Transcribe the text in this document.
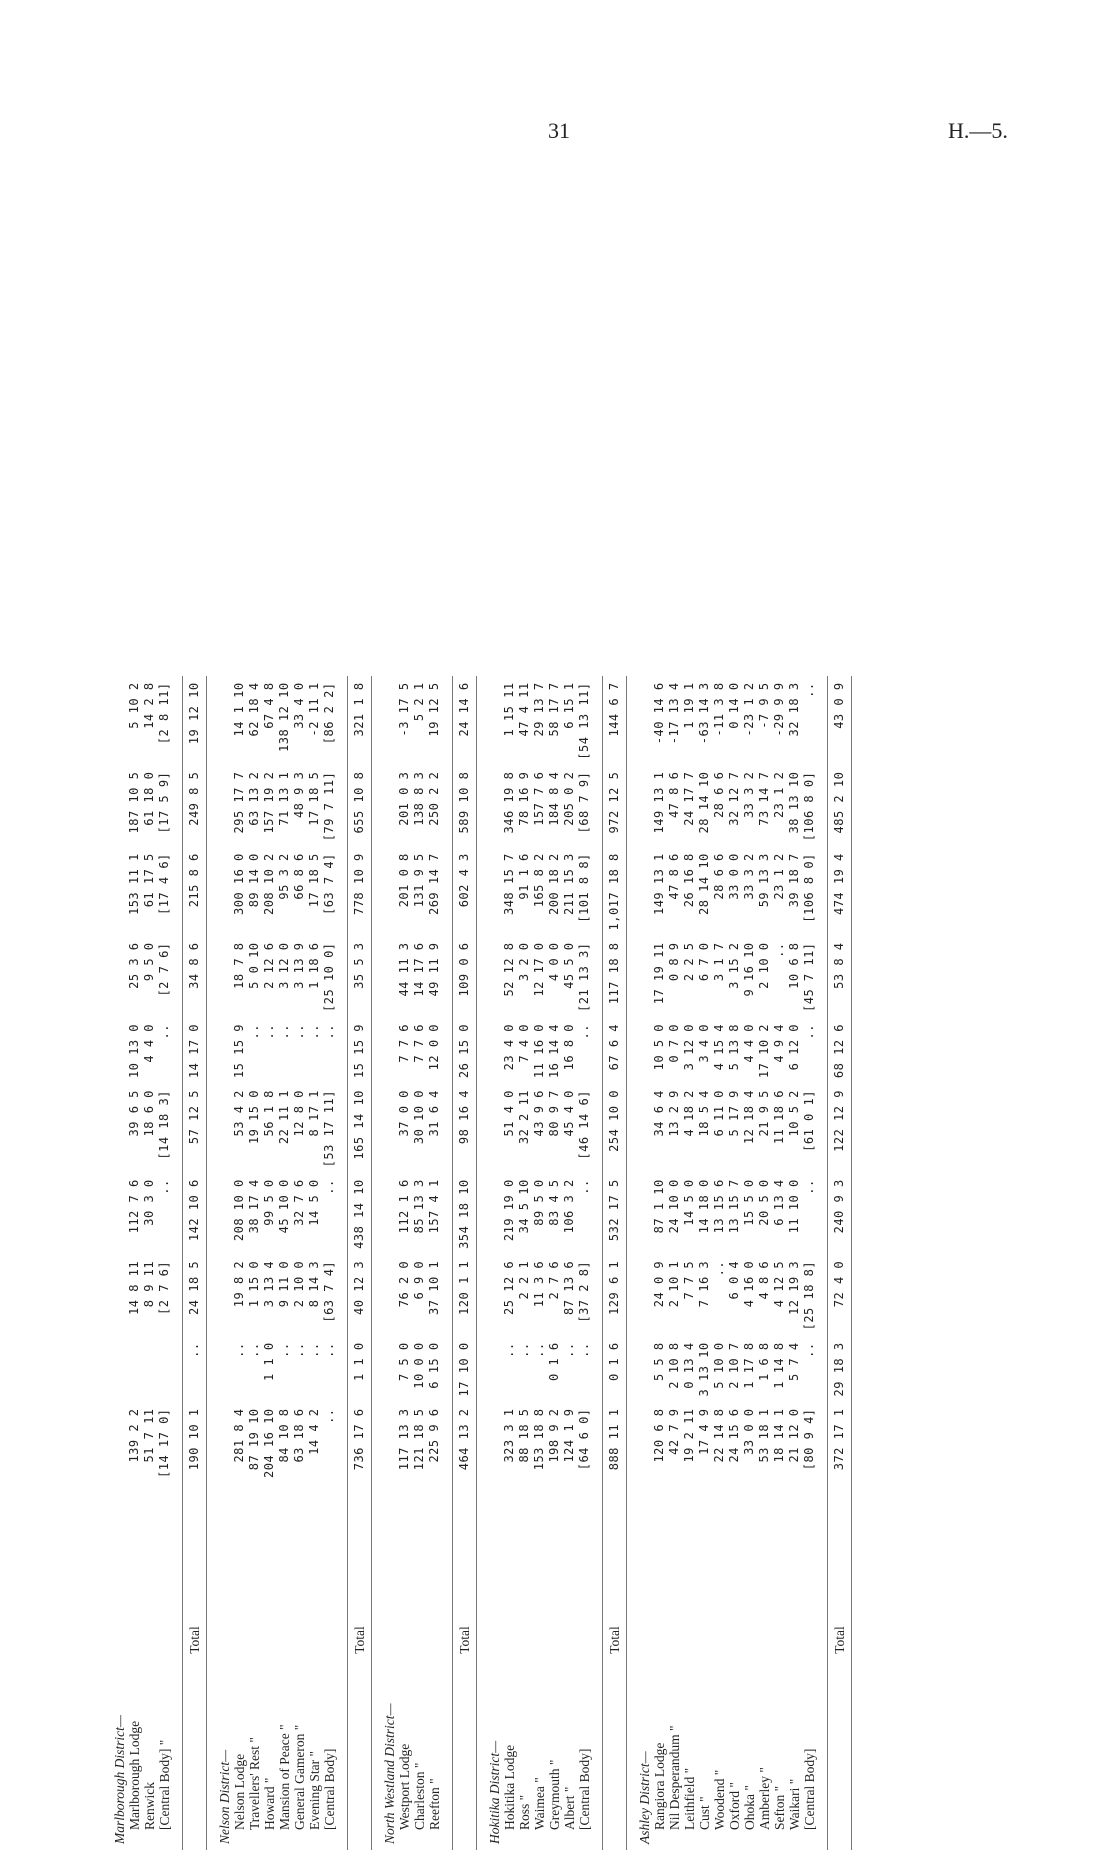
31	H.—5.
Marlborough District—										
Marlborough Lodge	139 2 2		14 8 11	112 7 6	39 6 5	10 13 0	25 3 6	153 11 1	187 10 5	5 10 2
Renwick	51 7 11		8 9 11	30 3 0	18 6 0	4 4 0	9 5 0	61 17 5	61 18 0	14 2 8
[Central Body] "	[14 17 0]		[2 7 6]	..	[14 18 3]	..	[2 7 6]	[17 4 6]	[17 5 9]	[2 8 11]

Total	190 10 1	..	24 18 5	142 10 6	57 12 5	14 17 0	34 8 6	215 8 6	249 8 5	19 12 10

Nelson District—										
Nelson Lodge	281 8 4	..	19 8 2	208 10 0	53 4 2	15 15 9	18 7 8	300 16 0	295 17 7	14 1 10
Travellers' Rest "	87 19 10	..	1 15 0	38 17 4	19 15 0	..	5 0 10	89 14 0	63 13 2	62 18 4
Howard "	204 16 10	1 1 0	3 13 4	99 5 0	56 1 8	..	2 12 6	208 10 2	157 19 2	67 4 8
Mansion of Peace "	84 10 8	..	9 11 0	45 10 0	22 11 1	..	3 12 0	95 3 2	71 13 1	138 12 10
General Gameron "	63 18 6	..	2 10 0	32 7 6	12 8 0	..	3 13 9	66 8 6	48 9 3	33 4 0
Evening Star "	14 4 2	..	8 14 3	14 5 0	8 17 1	..	1 18 6	17 18 5	17 18 5	-2 11 1
[Central Body]	..	..	[63 7 4]	..	[53 17 11]	..	[25 10 0]	[63 7 4]	[79 7 11]	[86 2 2]

Total	736 17 6	1 1 0	40 12 3	438 14 10	165 14 10	15 15 9	35 5 3	778 10 9	655 10 8	321 1 8

North Westland District—										
Westport Lodge	117 13 3	7 5 0	76 2 0	112 1 6	37 0 0	7 7 6	44 11 3	201 0 8	201 0 3	-3 17 5
Charleston "	121 18 5	10 0 0	6 9 0	85 13 3	30 10 0	7 7 6	14 17 6	131 9 5	138 8 3	5 2 1
Reefton "	225 9 6	6 15 0	37 10 1	157 4 1	31 6 4	12 0 0	49 11 9	269 14 7	250 2 2	19 12 5

Total	464 13 2	17 10 0	120 1 1	354 18 10	98 16 4	26 15 0	109 0 6	602 4 3	589 10 8	24 14 6

Hokitika District—										
Hokitika Lodge	323 3 1	..	25 12 6	219 19 0	51 4 0	23 4 0	52 12 8	348 15 7	346 19 8	1 15 11
Ross "	88 18 5	..	2 2 1	34 5 10	32 2 11	7 4 0	3 2 0	91 1 6	78 16 9	47 4 11
Waimea "	153 18 8	..	11 3 6	89 5 0	43 9 6	11 16 0	12 17 0	165 8 2	157 7 6	29 13 7
Greymouth "	198 9 2	0 1 6	2 7 6	83 4 5	80 9 7	16 14 4	4 0 0	200 18 2	184 8 4	58 17 7
Albert "	124 1 9	..	87 13 6	106 3 2	45 4 0	16 8 0	45 5 0	211 15 3	205 0 2	6 15 1
[Central Body]	[64 6 0]	..	[37 2 8]	..	[46 14 6]	..	[21 13 3]	[101 8 8]	[68 7 9]	[54 13 11]

Total	888 11 1	0 1 6	129 6 1	532 17 5	254 10 0	67 6 4	117 18 8	1,017 18 8	972 12 5	144 6 7

Ashley District—										
Rangiora Lodge	120 6 8	5 5 8	24 0 9	87 1 10	34 6 4	10 5 0	17 19 11	149 13 1	149 13 1	-40 14 6
Nil Desperandum "	42 7 9	2 10 8	2 10 1	24 10 0	13 2 9	0 7 0	0 8 9	47 8 6	47 8 6	-17 13 4
Leithfield "	19 2 11	0 13 4	7 7 5	14 5 0	4 18 2	3 12 0	2 2 5	26 16 8	24 17 7	1 19 1
Cust "	17 4 9	3 13 10	7 16 3	14 18 0	18 5 4	3 4 0	6 7 0	28 14 10	28 14 10	-63 14 3
Woodend "	22 14 8	5 10 0	..	13 15 6	6 11 0	4 15 4	3 1 7	28 6 6	28 6 6	-11 3 8
Oxford "	24 15 6	2 10 7	6 0 4	13 15 7	5 17 9	5 13 8	3 15 2	33 0 0	32 12 7	0 14 0
Ohoka "	33 0 0	1 17 8	4 16 0	15 5 0	12 18 4	4 4 0	9 16 10	33 3 2	33 3 2	-23 1 2
Amberley "	53 18 1	1 6 8	4 8 6	20 5 0	21 9 5	17 10 2	2 10 0	59 13 3	73 14 7	-7 9 5
Sefton "	18 14 1	1 14 8	4 12 5	6 13 4	11 18 6	4 9 4	..	23 1 2	23 1 2	-29 9 9
Waikari "	21 12 0	5 7 4	12 19 3	11 10 0	10 5 2	6 12 0	10 6 8	39 18 7	38 13 10	32 18 3
[Central Body]	[80 9 4]	..	[25 18 8]	..	[61 0 1]	..	[45 7 11]	[106 8 0]	[106 8 0]	..

Total	372 17 1	29 18 3	72 4 0	240 9 3	122 12 9	68 12 6	53 8 4	474 19 4	485 2 10	43 0 9
